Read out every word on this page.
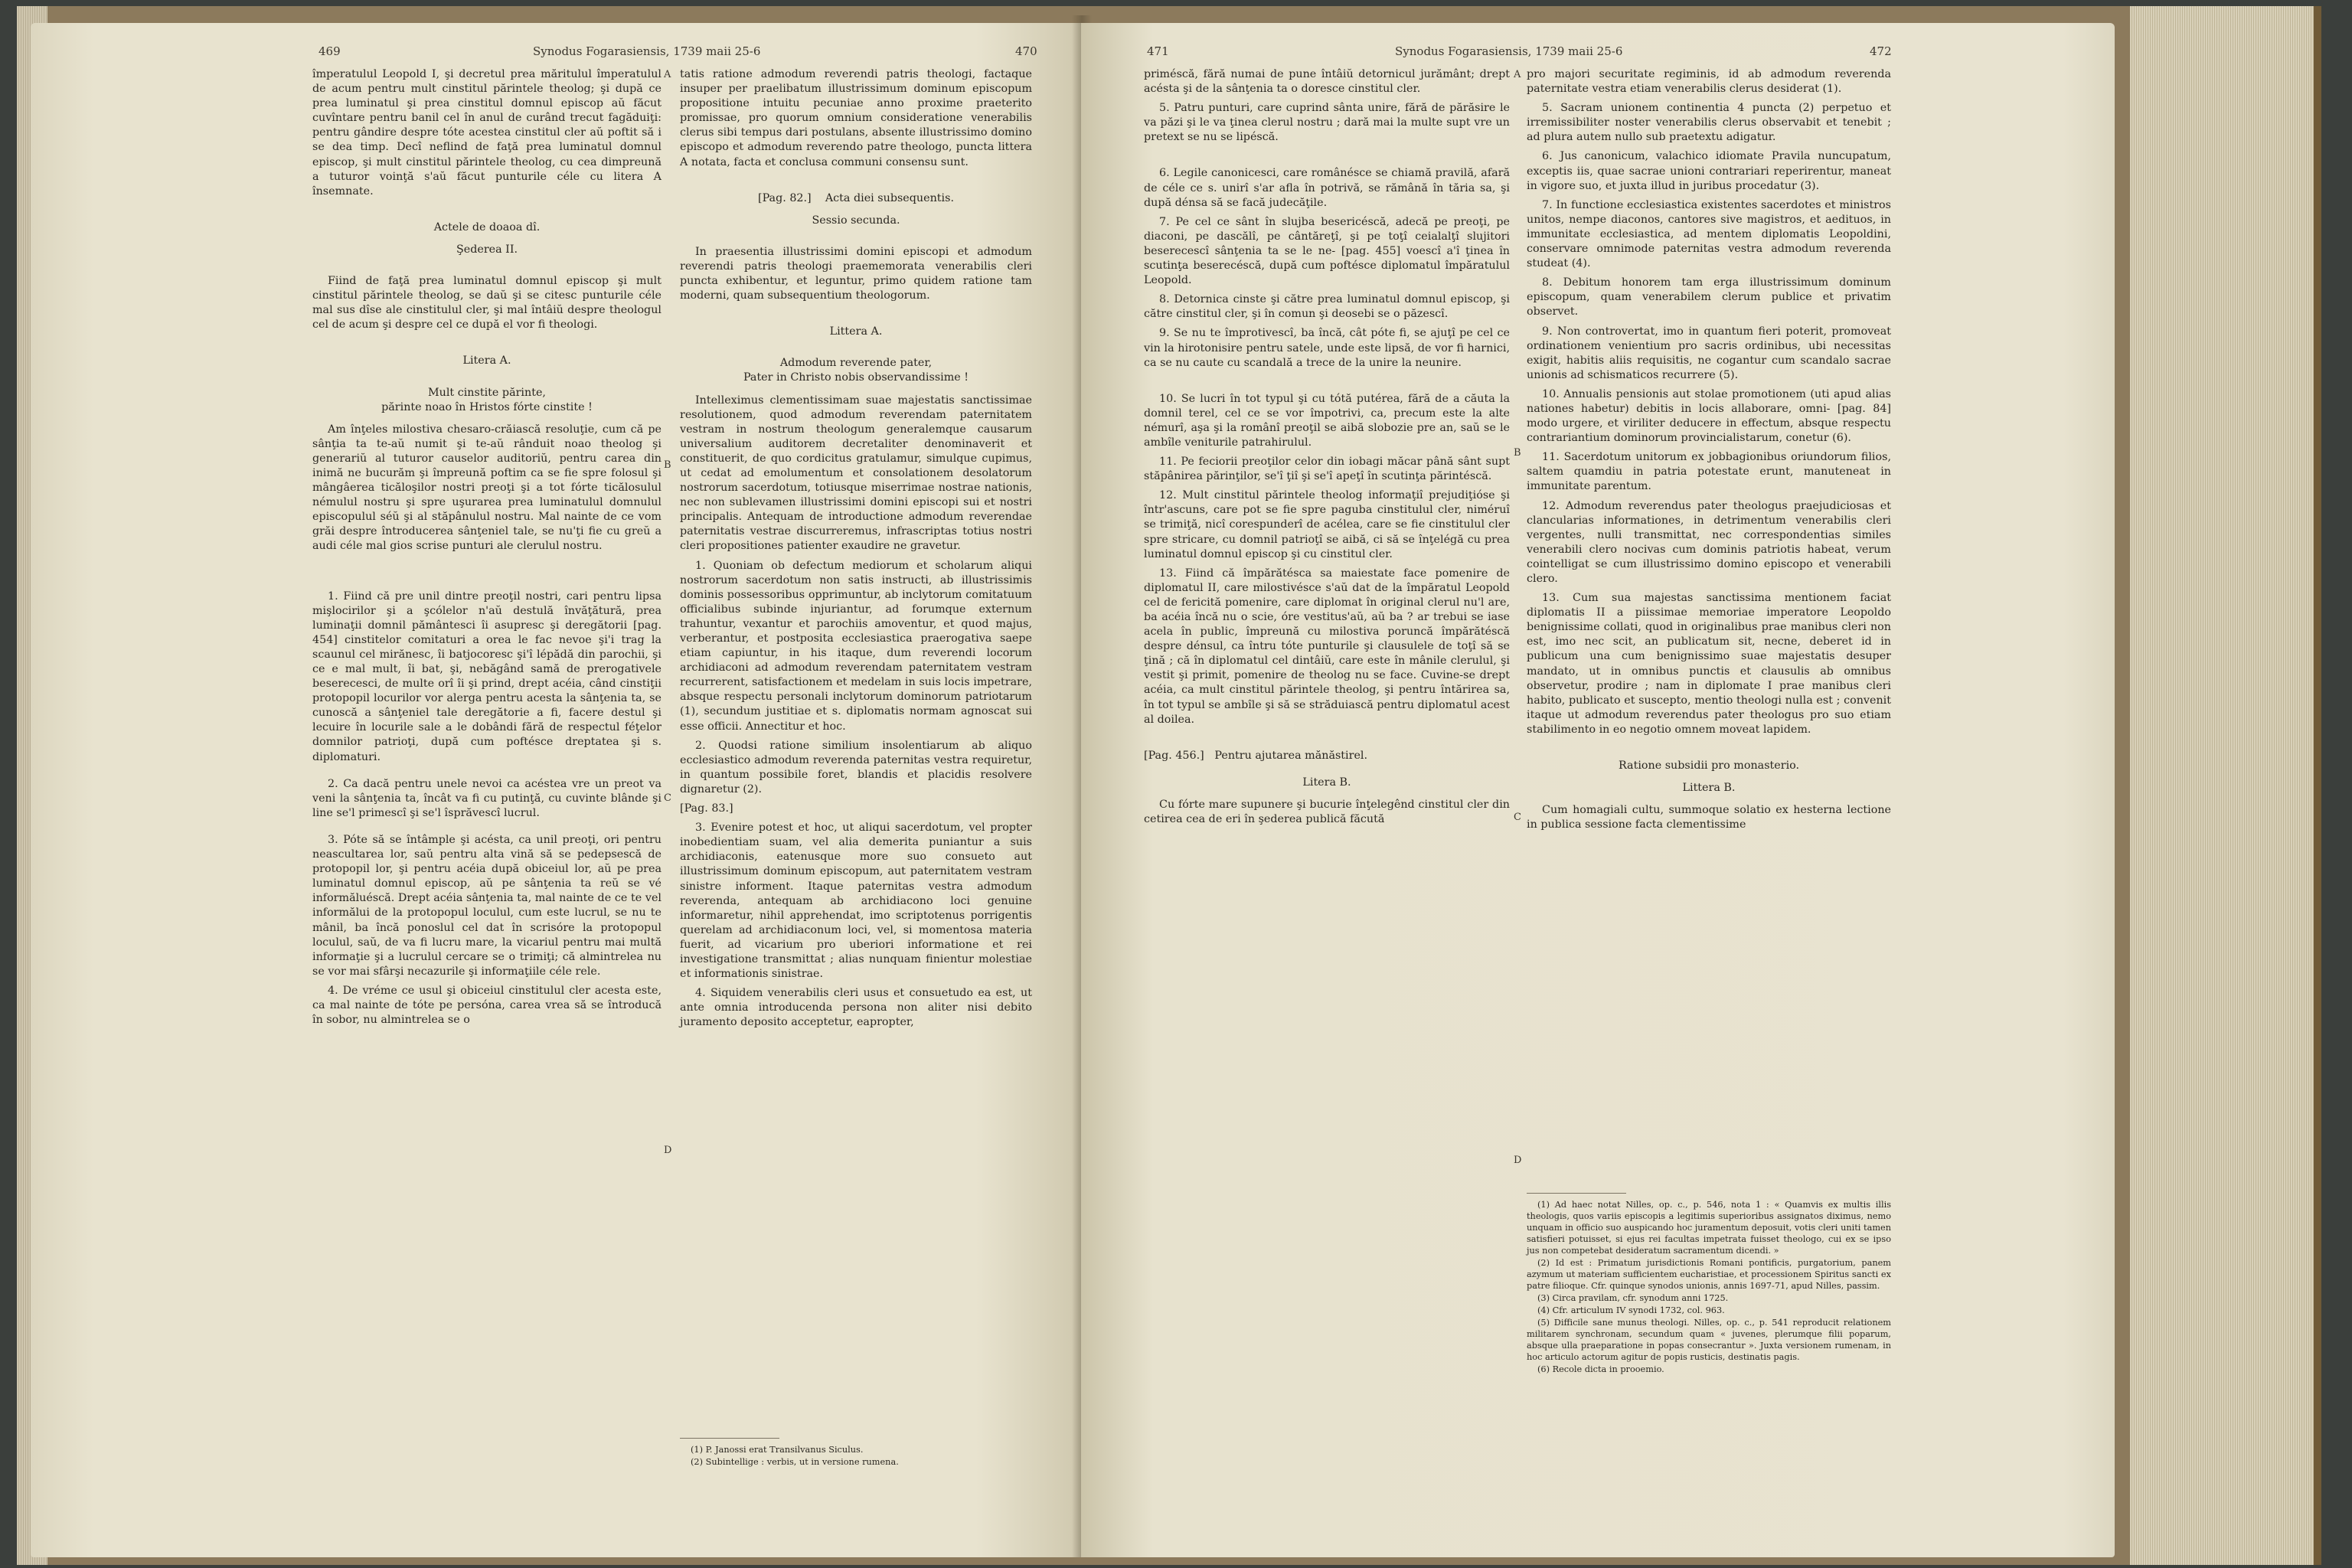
469	Synodus Fogarasiensis, 1739 maii 25-6	470

împeratulul Leopold I, şi decretul prea măritulul împeratulul de acum pentru mult cinstitul părintele theolog; şi după ce prea luminatul şi prea cinstitul domnul episcop aŭ făcut cuvîntare pentru banil cel în anul de curând trecut fagăduiţi: pentru gândire despre tóte acestea cinstitul cler aŭ poftit să i se dea timp. Decî neflind de faţă prea luminatul domnul episcop, şi mult cinstitul părintele theolog, cu cea dimpreună a tuturor voinţă s'aŭ făcut punturile céle cu litera A însemnate.

Actele de doaoa dî.

Şederea II.

Fiind de faţă prea luminatul domnul episcop şi mult cinstitul părintele theolog, se daŭ şi se citesc punturile céle mal sus dîse ale cinstitulul cler, şi mal întâiŭ despre theologul cel de acum şi despre cel ce după el vor fi theologi.

Litera A.

Mult cinstite părinte,

părinte noao în Hristos fórte cinstite !

Am înţeles milostiva chesaro-crăiască resoluţie, cum că pe sânţia ta te-aŭ numit şi te-aŭ rânduit noao theolog şi generariŭ al tuturor causelor auditoriŭ, pentru carea din inimă ne bucurăm şi împreună poftim ca se fie spre folosul şi mângâerea ticăloşilor nostri preoţi şi a tot fórte ticălosulul némulul nostru şi spre uşurarea prea luminatulul domnulul episcopulul séŭ şi al stăpânulul nostru. Mal nainte de ce vom grăi despre întroducerea sânţeniel tale, se nu'ţi fie cu greŭ a audi céle mal gios scrise punturi ale clerulul nostru.

1. Fiind că pre unil dintre preoţil nostri, cari pentru lipsa mişlocirilor şi a şcólelor n'aŭ destulă învăţătură, prea luminaţii domnil pământesci îi asupresc şi deregătorii [pag. 454] cinstitelor comitaturi a orea le fac nevoe şi'i trag la scaunul cel mirănesc, îi batjocoresc şi'î lépădă din parochii, şi ce e mal mult, îi bat, şi, nebăgând samă de prerogativele beserecesci, de multe orî îi şi prind, drept acéia, când cinstiţii protopopil locurilor vor alerga pentru acesta la sânţenia ta, se cunoscă a sânţeniel tale deregătorie a fi, facere destul şi lecuire în locurile sale a le dobândi fără de respectul féţelor domnilor patrioţi, după cum poftésce dreptatea şi s. diplomaturi.

2. Ca dacă pentru unele nevoi ca acéstea vre un preot va veni la sânţenia ta, încât va fi cu putinţă, cu cuvinte blânde şi line se'l primescî şi se'l îsprăvescî lucrul.

3. Póte să se întâmple şi acésta, ca unil preoţi, ori pentru neascultarea lor, saŭ pentru alta vină să se pedepsescă de protopopil lor, şi pentru acéia după obiceiul lor, aŭ pe prea luminatul domnul episcop, aŭ pe sânţenia ta reŭ se vé informăluéscă. Drept acéia sânţenia ta, mal nainte de ce te vel informălui de la protopopul loculul, cum este lucrul, se nu te mânil, ba încă ponoslul cel dat în scrisóre la protopopul loculul, saŭ, de va fi lucru mare, la vicariul pentru mai multă informaţie şi a lucrulul cercare se o trimiţi; că almintrelea nu se vor mai sfârşi necazurile şi informaţiile céle rele.

4. De vréme ce usul şi obiceiul cinstitulul cler acesta este, ca mal nainte de tóte pe persóna, carea vrea să se întroducă în sobor, nu almintrelea se o

A
B
C
D

tatis ratione admodum reverendi patris theologi, factaque insuper per praelibatum illustrissimum dominum episcopum propositione intuitu pecuniae anno proxime praeterito promissae, pro quorum omnium consideratione venerabilis clerus sibi tempus dari postulans, absente illustrissimo domino episcopo et admodum reverendo patre theologo, puncta littera A notata, facta et conclusa communi consensu sunt.

[Pag. 82.] Acta diei subsequentis.

Sessio secunda.

In praesentia illustrissimi domini episcopi et admodum reverendi patris theologi praememorata venerabilis cleri puncta exhibentur, et leguntur, primo quidem ratione tam moderni, quam subsequentium theologorum.

Littera A.

Admodum reverende pater,

Pater in Christo nobis observandissime !

Intelleximus clementissimam suae majestatis sanctissimae resolutionem, quod admodum reverendam paternitatem vestram in nostrum theologum generalemque causarum universalium auditorem decretaliter denominaverit et constituerit, de quo cordicitus gratulamur, simulque cupimus, ut cedat ad emolumentum et consolationem desolatorum nostrorum sacerdotum, totiusque miserrimae nostrae nationis, nec non sublevamen illustrissimi domini episcopi sui et nostri principalis. Antequam de introductione admodum reverendae paternitatis vestrae discurreremus, infrascriptas totius nostri cleri propositiones patienter exaudire ne gravetur.

1. Quoniam ob defectum mediorum et scholarum aliqui nostrorum sacerdotum non satis instructi, ab illustrissimis dominis possessoribus opprimuntur, ab inclytorum comitatuum officialibus subinde injuriantur, ad forumque externum trahuntur, vexantur et parochiis amoventur, et quod majus, verberantur, et postposita ecclesiastica praerogativa saepe etiam capiuntur, in his itaque, dum reverendi locorum archidiaconi ad admodum reverendam paternitatem vestram recurrerent, satisfactionem et medelam in suis locis impetrare, absque respectu personali inclytorum dominorum patriotarum (1), secundum justitiae et s. diplomatis normam agnoscat sui esse officii. Annectitur et hoc.

2. Quodsi ratione similium insolentiarum ab aliquo ecclesiastico admodum reverenda paternitas vestra requiretur, in quantum possibile foret, blandis et placidis resolvere dignaretur (2).

[Pag. 83.]

3. Evenire potest et hoc, ut aliqui sacerdotum, vel propter inobedientiam suam, vel alia demerita puniantur a suis archidiaconis, eatenusque more suo consueto aut illustrissimum dominum episcopum, aut paternitatem vestram sinistre informent. Itaque paternitas vestra admodum reverenda, antequam ab archidiacono loci genuine informaretur, nihil apprehendat, imo scriptotenus porrigentis querelam ad archidiaconum loci, vel, si momentosa materia fuerit, ad vicarium pro uberiori informatione et rei investigatione transmittat ; alias nunquam finientur molestiae et informationis sinistrae.

4. Siquidem venerabilis cleri usus et consuetudo ea est, ut ante omnia introducenda persona non aliter nisi debito juramento deposito acceptetur, eapropter,

(1) P. Janossi erat Transilvanus Siculus.

(2) Subintellige : verbis, ut in versione rumena.

471	Synodus Fogarasiensis, 1739 maii 25-6	472

priméscă, fără numai de pune întâiŭ detornicul jurământ; drept acésta şi de la sânţenia ta o doresce cinstitul cler.

5. Patru punturi, care cuprind sânta unire, fără de părăsire le va păzi şi le va ţinea clerul nostru ; dară mai la multe supt vre un pretext se nu se lipéscă.

6. Legile canonicesci, care românésce se chiamă pravilă, afară de céle ce s. unirî s'ar afla în potrivă, se rămână în tăria sa, şi după dénsa să se facă judecăţile.

7. Pe cel ce sânt în slujba besericéscă, adecă pe preoţi, pe diaconi, pe dascălî, pe cântăreţî, şi pe toţî ceialalţî slujitori beserecescî sânţenia ta se le ne- [pag. 455] voescî a'î ţinea în scutinţa beserecéscă, după cum poftésce diplomatul împăratulul Leopold.

8. Detornica cinste şi către prea luminatul domnul episcop, şi către cinstitul cler, şi în comun şi deosebi se o păzescî.

9. Se nu te împrotivescî, ba încă, cât póte fi, se ajuţî pe cel ce vin la hirotonisire pentru satele, unde este lipsă, de vor fi harnici, ca se nu caute cu scandală a trece de la unire la neunire.

10. Se lucri în tot typul şi cu tótă putérea, fără de a căuta la domnil terel, cel ce se vor împotrivi, ca, precum este la alte némurî, aşa şi la românî preoţil se aibă slobozie pre an, saŭ se le ambîle veniturile patrahirulul.

11. Pe feciorii preoţilor celor din iobagi măcar până sânt supt stăpânirea părinţilor, se'î ţiî şi se'î apeţî în scutinţa părintéscă.

12. Mult cinstitul părintele theolog informaţiî prejudiţióse şi într'ascuns, care pot se fie spre paguba cinstitulul cler, niméruî se trimiţă, nicî corespunderî de acélea, care se fie cinstitulul cler spre stricare, cu domnil patrioţî se aibă, ci să se înţelégă cu prea luminatul domnul episcop şi cu cinstitul cler.

13. Fiind că împărătésca sa maiestate face pomenire de diplomatul II, care milostivésce s'aŭ dat de la împăratul Leopold cel de fericită pomenire, care diplomat în original clerul nu'l are, ba acéia încă nu o scie, óre vestitus'aŭ, aŭ ba ? ar trebui se iase acela în public, împreună cu milostiva poruncă împărătéscă despre dénsul, ca întru tóte punturile şi clausulele de toţî să se ţină ; că în diplomatul cel dintâiŭ, care este în mânile clerulul, şi vestit şi primit, pomenire de theolog nu se face. Cuvine-se drept acéia, ca mult cinstitul părintele theolog, şi pentru întărirea sa, în tot typul se ambîle şi să se străduiască pentru diplomatul acest al doilea.

[Pag. 456.] Pentru ajutarea mănăstirel.

Litera B.

Cu fórte mare supunere şi bucurie înţelegênd cinstitul cler din cetirea cea de eri în şederea publică făcută

A
B
C
D

pro majori securitate regiminis, id ab admodum reverenda paternitate vestra etiam venerabilis clerus desiderat (1).

5. Sacram unionem continentia 4 puncta (2) perpetuo et irremissibiliter noster venerabilis clerus observabit et tenebit ; ad plura autem nullo sub praetextu adigatur.

6. Jus canonicum, valachico idiomate Pravila nuncupatum, exceptis iis, quae sacrae unioni contrariari reperirentur, maneat in vigore suo, et juxta illud in juribus procedatur (3).

7. In functione ecclesiastica existentes sacerdotes et ministros unitos, nempe diaconos, cantores sive magistros, et aedituos, in immunitate ecclesiastica, ad mentem diplomatis Leopoldini, conservare omnimode paternitas vestra admodum reverenda studeat (4).

8. Debitum honorem tam erga illustrissimum dominum episcopum, quam venerabilem clerum publice et privatim observet.

9. Non controvertat, imo in quantum fieri poterit, promoveat ordinationem venientium pro sacris ordinibus, ubi necessitas exigit, habitis aliis requisitis, ne cogantur cum scandalo sacrae unionis ad schismaticos recurrere (5).

10. Annualis pensionis aut stolae promotionem (uti apud alias nationes habetur) debitis in locis allaborare, omni- [pag. 84] modo urgere, et viriliter deducere in effectum, absque respectu contrariantium dominorum provincialistarum, conetur (6).

11. Sacerdotum unitorum ex jobbagionibus oriundorum filios, saltem quamdiu in patria potestate erunt, manuteneat in immunitate parentum.

12. Admodum reverendus pater theologus praejudiciosas et clancularias informationes, in detrimentum venerabilis cleri vergentes, nulli transmittat, nec correspondentias similes venerabili clero nocivas cum dominis patriotis habeat, verum cointelligat se cum illustrissimo domino episcopo et venerabili clero.

13. Cum sua majestas sanctissima mentionem faciat diplomatis II a piissimae memoriae imperatore Leopoldo benignissime collati, quod in originalibus prae manibus cleri non est, imo nec scit, an publicatum sit, necne, deberet id in publicum una cum benignissimo suae majestatis desuper mandato, ut in omnibus punctis et clausulis ab omnibus observetur, prodire ; nam in diplomate I prae manibus cleri habito, publicato et suscepto, mentio theologi nulla est ; convenit itaque ut admodum reverendus pater theologus pro suo etiam stabilimento in eo negotio omnem moveat lapidem.

Ratione subsidii pro monasterio.

Littera B.

Cum homagiali cultu, summoque solatio ex hesterna lectione in publica sessione facta clementissime

(1) Ad haec notat Nilles, op. c., p. 546, nota 1 : « Quamvis ex multis illis theologis, quos variis episcopis a legitimis superioribus assignatos diximus, nemo unquam in officio suo auspicando hoc juramentum deposuit, votis cleri uniti tamen satisfieri potuisset, si ejus rei facultas impetrata fuisset theologo, cui ex se ipso jus non competebat desideratum sacramentum dicendi. »

(2) Id est : Primatum jurisdictionis Romani pontificis, purgatorium, panem azymum ut materiam sufficientem eucharistiae, et processionem Spiritus sancti ex patre filioque. Cfr. quinque synodos unionis, annis 1697-71, apud Nilles, passim.

(3) Circa pravilam, cfr. synodum anni 1725.

(4) Cfr. articulum IV synodi 1732, col. 963.

(5) Difficile sane munus theologi. Nilles, op. c., p. 541 reproducit relationem militarem synchronam, secundum quam « juvenes, plerumque filii poparum, absque ulla praeparatione in popas consecrantur ». Juxta versionem rumenam, in hoc articulo actorum agitur de popis rusticis, destinatis pagis.

(6) Recole dicta in prooemio.
